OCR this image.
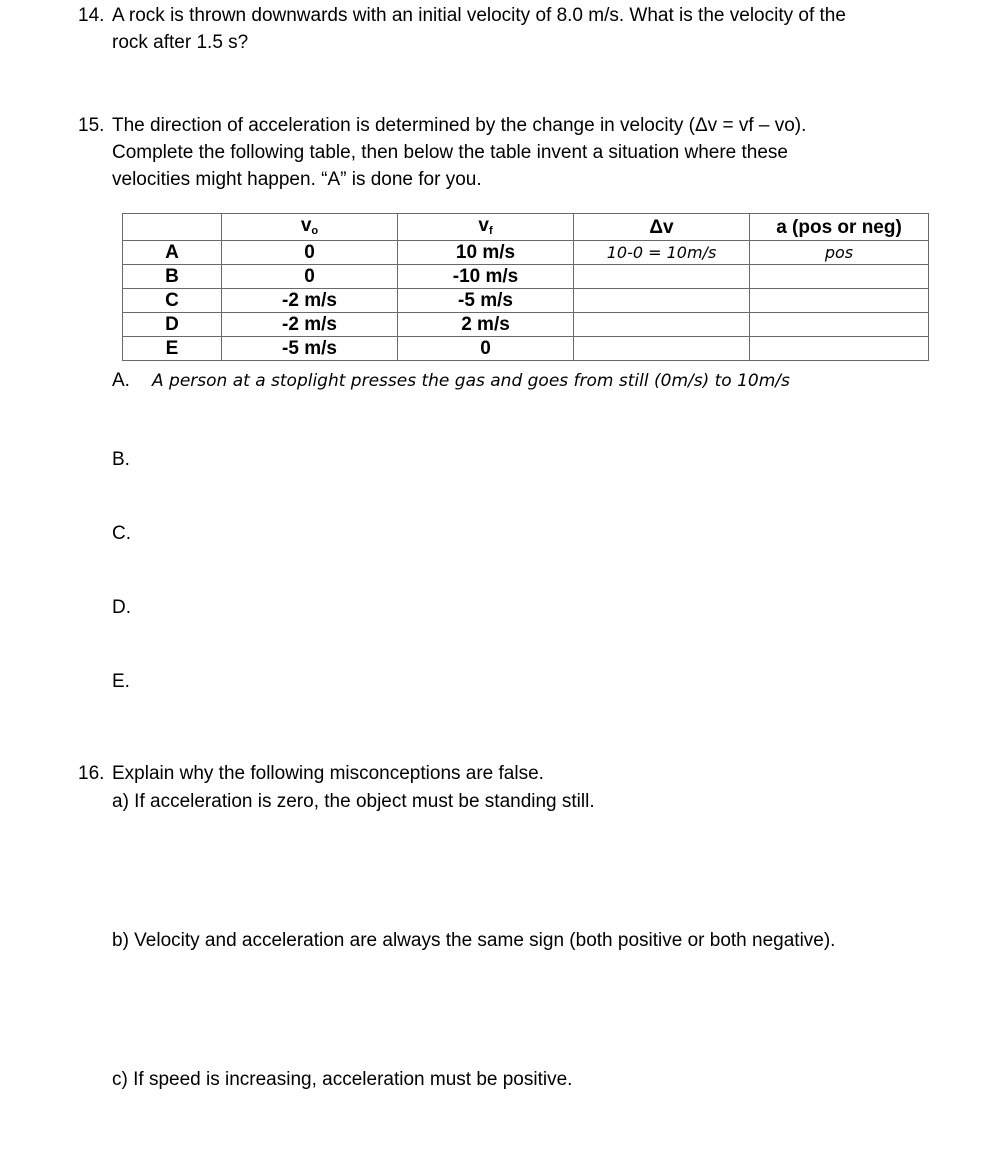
14. A rock is thrown downwards with an initial velocity of 8.0 m/s. What is the velocity of the
rock after 1.5 s?
15. The direction of acceleration is determined by the change in velocity (Δv = vf – vo).
Complete the following table, then below the table invent a situation where these
velocities might happen. “A” is done for you.
	vo	vf	Δv	a (pos or neg)
A	0	10 m/s	10-0 = 10m/s	pos
B	0	-10 m/s		
C	-2 m/s	-5 m/s		
D	-2 m/s	2 m/s		
E	-5 m/s	0		
A. A person at a stoplight presses the gas and goes from still (0m/s) to 10m/s
B.
C.
D.
E.
16. Explain why the following misconceptions are false.
a) If acceleration is zero, the object must be standing still.
b) Velocity and acceleration are always the same sign (both positive or both negative).
c) If speed is increasing, acceleration must be positive.
